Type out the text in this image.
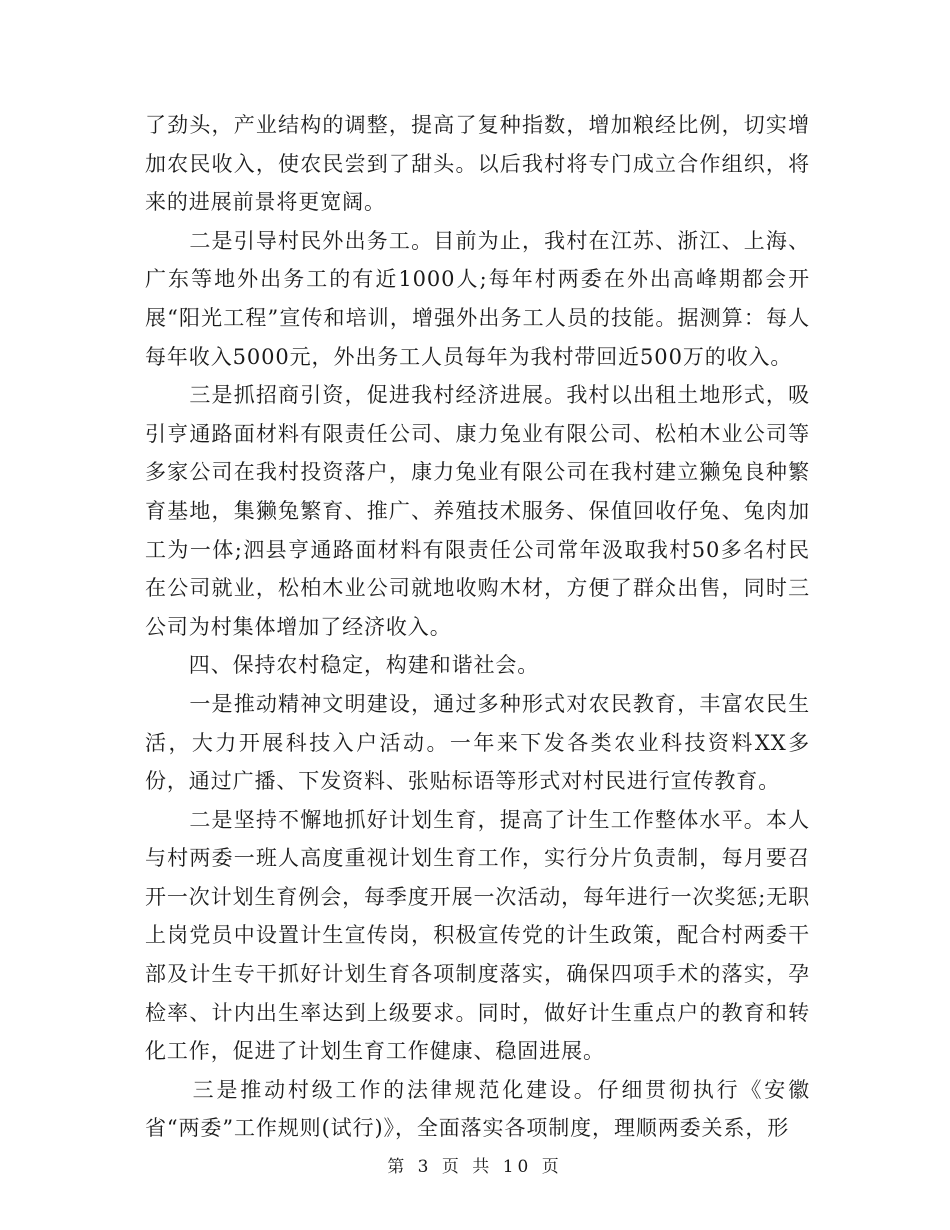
了劲头，产业结构的调整，提高了复种指数，增加粮经比例，切实增加农民收入，使农民尝到了甜头。以后我村将专门成立合作组织，将来的进展前景将更宽阔。

　　二是引导村民外出务工。目前为止，我村在江苏、浙江、上海、广东等地外出务工的有近1000人;每年村两委在外出高峰期都会开展“阳光工程”宣传和培训，增强外出务工人员的技能。据测算：每人每年收入5000元，外出务工人员每年为我村带回近500万的收入。

　　三是抓招商引资，促进我村经济进展。我村以出租土地形式，吸引亨通路面材料有限责任公司、康力兔业有限公司、松柏木业公司等多家公司在我村投资落户，康力兔业有限公司在我村建立獭兔良种繁育基地，集獭兔繁育、推广、养殖技术服务、保值回收仔兔、兔肉加工为一体;泗县亨通路面材料有限责任公司常年汲取我村50多名村民在公司就业，松柏木业公司就地收购木材，方便了群众出售，同时三公司为村集体增加了经济收入。

　　四、保持农村稳定，构建和谐社会。

　　一是推动精神文明建设，通过多种形式对农民教育，丰富农民生活，大力开展科技入户活动。一年来下发各类农业科技资料XX多份，通过广播、下发资料、张贴标语等形式对村民进行宣传教育。

　　二是坚持不懈地抓好计划生育，提高了计生工作整体水平。本人与村两委一班人高度重视计划生育工作，实行分片负责制，每月要召开一次计划生育例会，每季度开展一次活动，每年进行一次奖惩;无职上岗党员中设置计生宣传岗，积极宣传党的计生政策，配合村两委干部及计生专干抓好计划生育各项制度落实，确保四项手术的落实，孕检率、计内出生率达到上级要求。同时，做好计生重点户的教育和转化工作，促进了计划生育工作健康、稳固进展。

　　三是推动村级工作的法律规范化建设。仔细贯彻执行《安徽省“两委”工作规则(试行)》，全面落实各项制度，理顺两委关系，形

第 3 页 共 10 页
